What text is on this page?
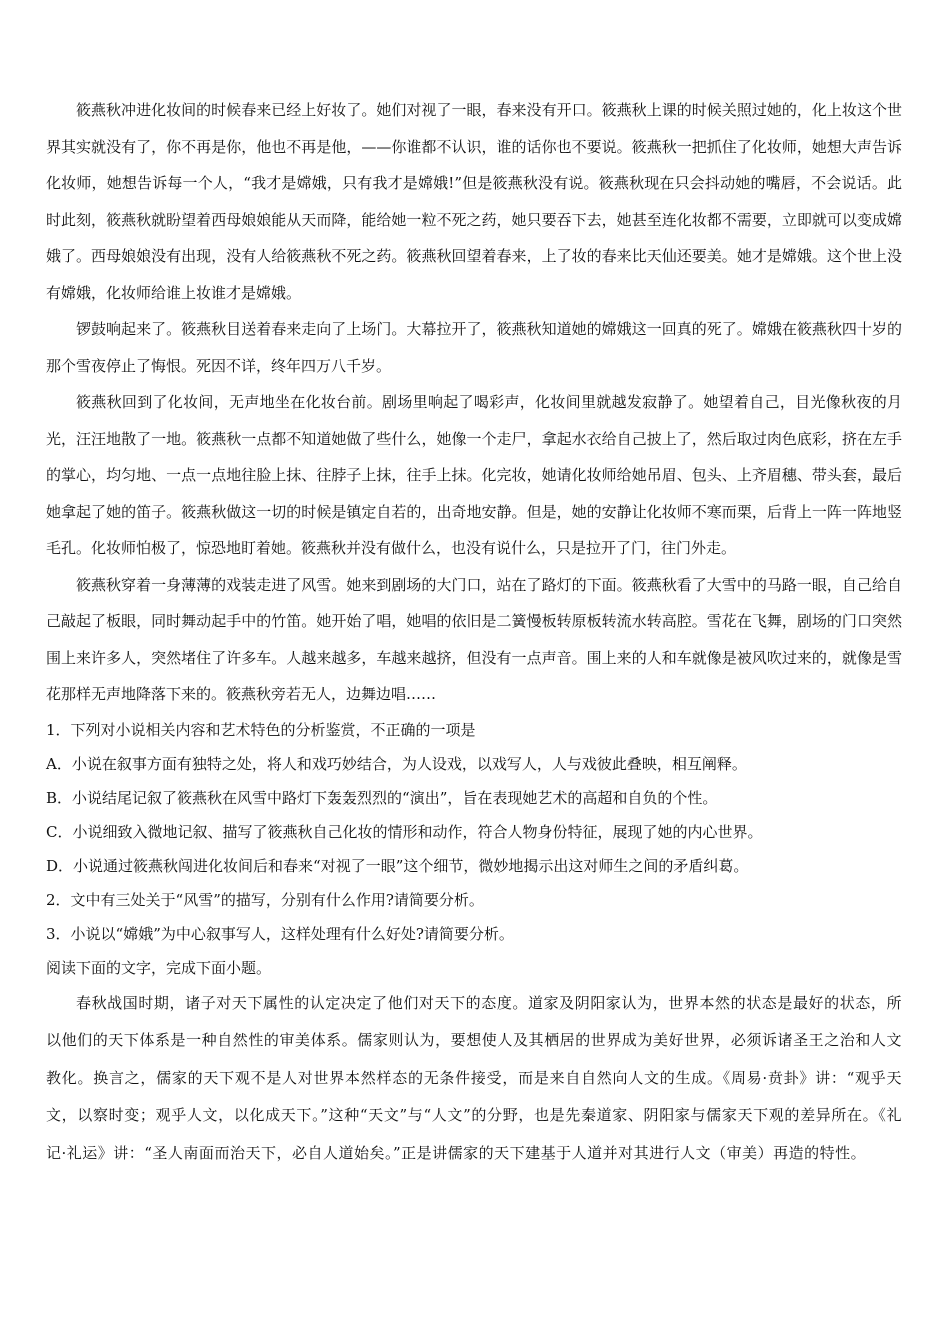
筱燕秋冲进化妆间的时候春来已经上好妆了。她们对视了一眼，春来没有开口。筱燕秋上课的时候关照过她的，化上妆这个世界其实就没有了，你不再是你，他也不再是他，——你谁都不认识，谁的话你也不要说。筱燕秋一把抓住了化妆师，她想大声告诉化妆师，她想告诉每一个人，“我才是嫦娥，只有我才是嫦娥!”但是筱燕秋没有说。筱燕秋现在只会抖动她的嘴唇，不会说话。此时此刻，筱燕秋就盼望着西母娘娘能从天而降，能给她一粒不死之药，她只要吞下去，她甚至连化妆都不需要，立即就可以变成嫦娥了。西母娘娘没有出现，没有人给筱燕秋不死之药。筱燕秋回望着春来，上了妆的春来比天仙还要美。她才是嫦娥。这个世上没有嫦娥，化妆师给谁上妆谁才是嫦娥。

锣鼓响起来了。筱燕秋目送着春来走向了上场门。大幕拉开了，筱燕秋知道她的嫦娥这一回真的死了。嫦娥在筱燕秋四十岁的那个雪夜停止了悔恨。死因不详，终年四万八千岁。

筱燕秋回到了化妆间，无声地坐在化妆台前。剧场里响起了喝彩声，化妆间里就越发寂静了。她望着自己，目光像秋夜的月光，汪汪地散了一地。筱燕秋一点都不知道她做了些什么，她像一个走尸，拿起水衣给自己披上了，然后取过肉色底彩，挤在左手的掌心，均匀地、一点一点地往脸上抹、往脖子上抹，往手上抹。化完妆，她请化妆师给她吊眉、包头、上齐眉穗、带头套，最后她拿起了她的笛子。筱燕秋做这一切的时候是镇定自若的，出奇地安静。但是，她的安静让化妆师不寒而栗，后背上一阵一阵地竖毛孔。化妆师怕极了，惊恐地盯着她。筱燕秋并没有做什么，也没有说什么，只是拉开了门，往门外走。

筱燕秋穿着一身薄薄的戏装走进了风雪。她来到剧场的大门口，站在了路灯的下面。筱燕秋看了大雪中的马路一眼，自己给自己敲起了板眼，同时舞动起手中的竹笛。她开始了唱，她唱的依旧是二簧慢板转原板转流水转高腔。雪花在飞舞，剧场的门口突然围上来许多人，突然堵住了许多车。人越来越多，车越来越挤，但没有一点声音。围上来的人和车就像是被风吹过来的，就像是雪花那样无声地降落下来的。筱燕秋旁若无人，边舞边唱……

1．下列对小说相关内容和艺术特色的分析鉴赏，不正确的一项是

A．小说在叙事方面有独特之处，将人和戏巧妙结合，为人设戏，以戏写人，人与戏彼此叠映，相互阐释。

B．小说结尾记叙了筱燕秋在风雪中路灯下轰轰烈烈的“演出”，旨在表现她艺术的高超和自负的个性。

C．小说细致入微地记叙、描写了筱燕秋自己化妆的情形和动作，符合人物身份特征，展现了她的内心世界。

D．小说通过筱燕秋闯进化妆间后和春来“对视了一眼”这个细节，微妙地揭示出这对师生之间的矛盾纠葛。

2．文中有三处关于“风雪”的描写，分别有什么作用?请简要分析。

3．小说以“嫦娥”为中心叙事写人，这样处理有什么好处?请简要分析。

阅读下面的文字，完成下面小题。

春秋战国时期，诸子对天下属性的认定决定了他们对天下的态度。道家及阴阳家认为，世界本然的状态是最好的状态，所以他们的天下体系是一种自然性的审美体系。儒家则认为，要想使人及其栖居的世界成为美好世界，必须诉诸圣王之治和人文教化。换言之，儒家的天下观不是人对世界本然样态的无条件接受，而是来自自然向人文的生成。《周易·贲卦》讲：“观乎天文，以察时变；观乎人文，以化成天下。”这种“天文”与“人文”的分野，也是先秦道家、阴阳家与儒家天下观的差异所在。《礼记·礼运》讲：“圣人南面而治天下，必自人道始矣。”正是讲儒家的天下建基于人道并对其进行人文（审美）再造的特性。
